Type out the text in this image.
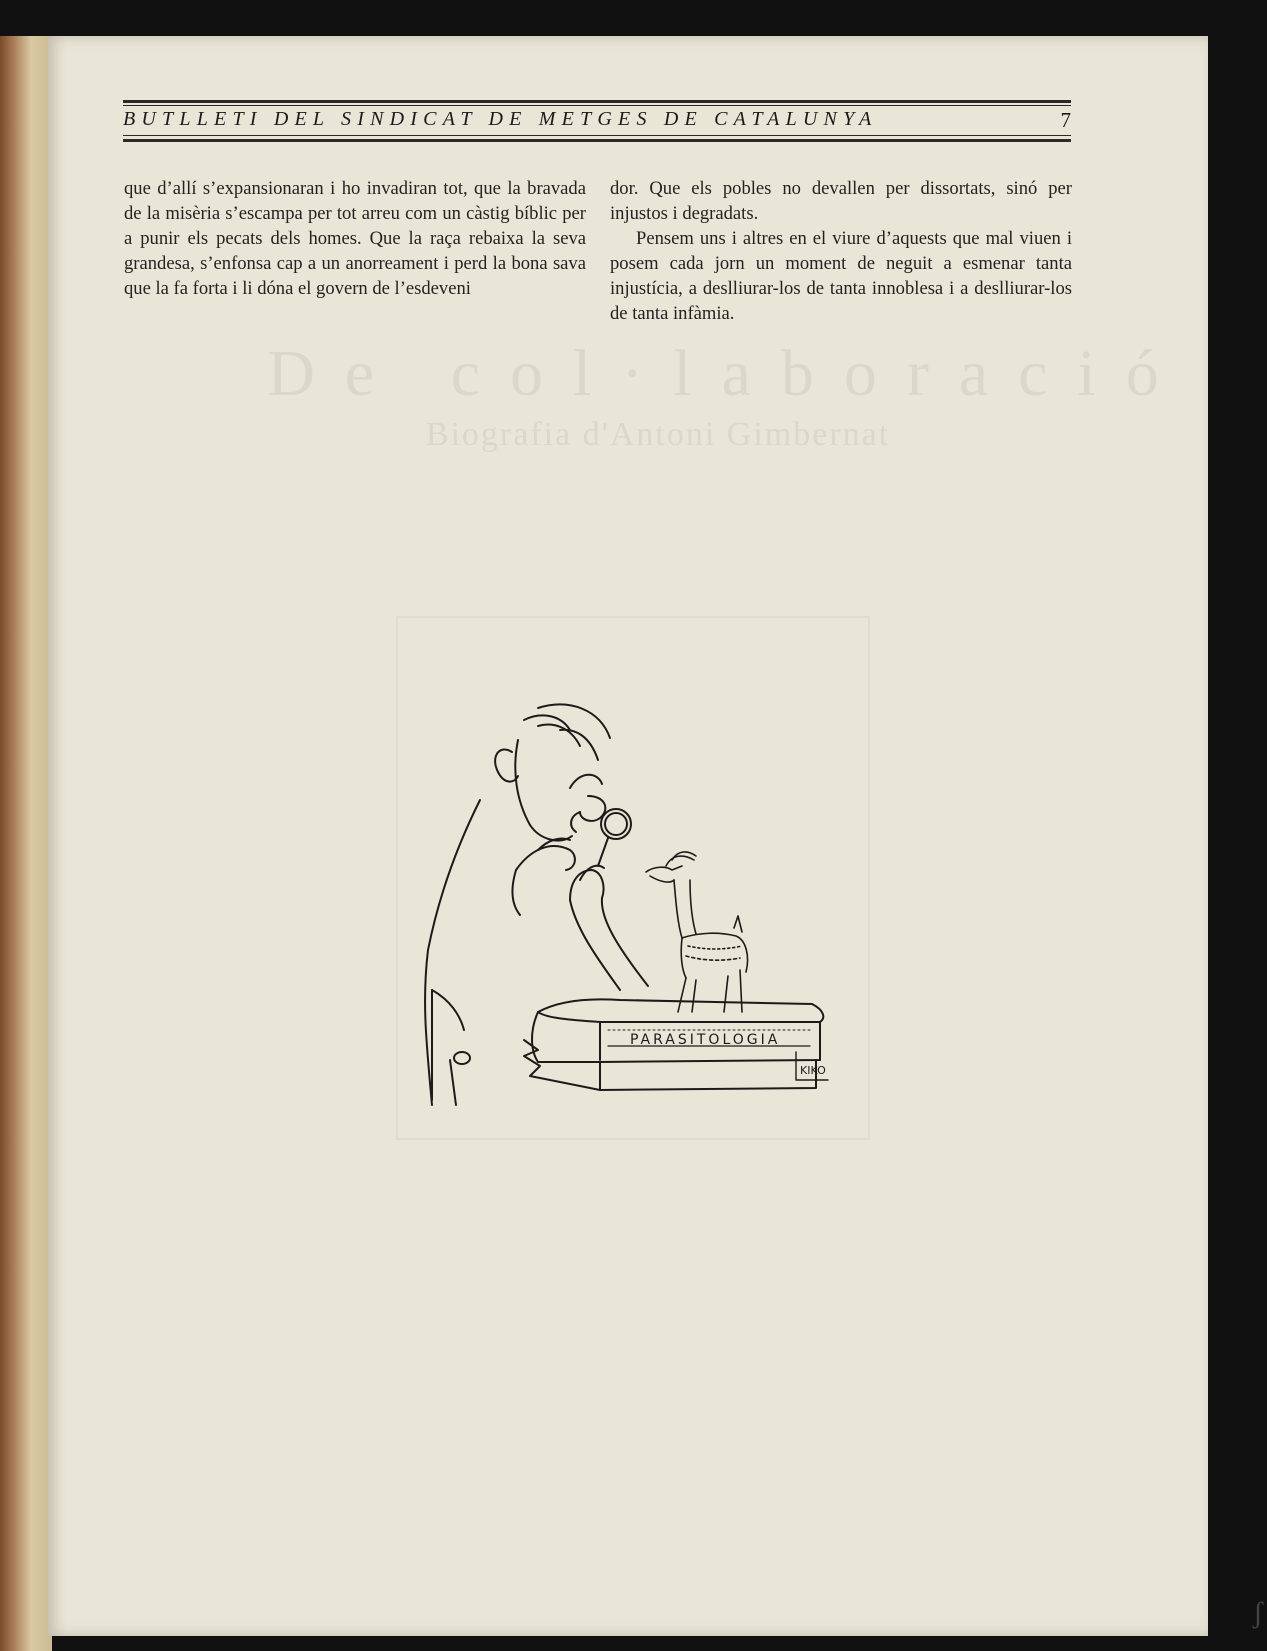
De col·laboració
Biografia d'Antoni Gimbernat
BUTLLETI DEL SINDICAT DE METGES DE CATALUNYA	7

que d’allí s’expansionaran i ho invadiran tot, que la bravada de la misèria s’escampa per tot arreu com un càstig bíblic per a punir els pecats dels homes. Que la raça rebaixa la seva grandesa, s’enfonsa cap a un anorreament i perd la bona sava que la fa forta i li dóna el govern de l’esdeveni

dor. Que els pobles no devallen per dissortats, sinó per injustos i degradats.

Pensem uns i altres en el viure d’aquests que mal viuen i posem cada jorn un moment de neguit a esmenar tanta injustícia, a deslliurar-los de tanta innoblesa i a deslliurar-los de tanta infàmia.

PARASITOLOGIA
KIKO
ʃ
